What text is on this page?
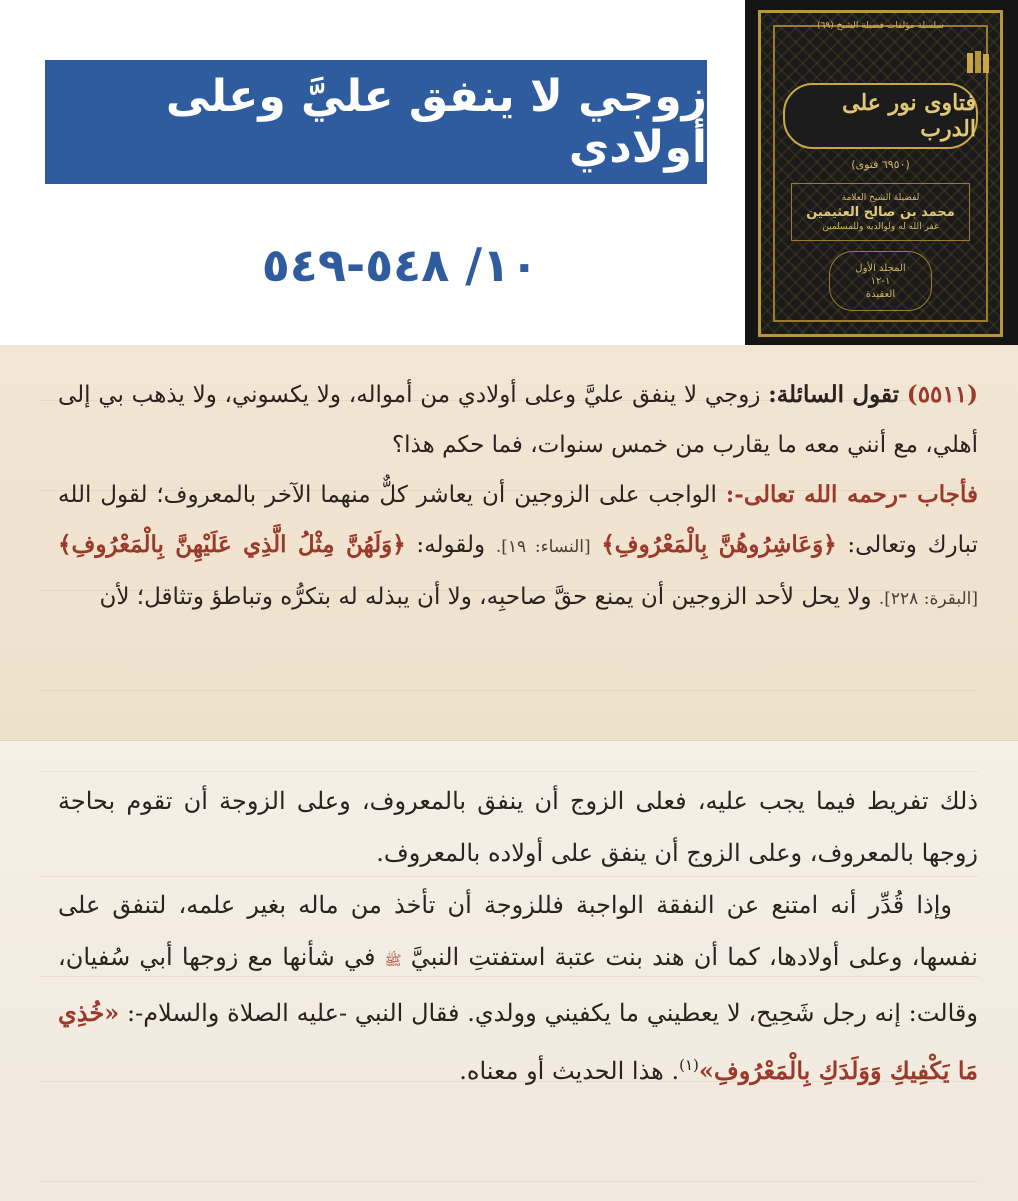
زوجي لا ينفق عليَّ وعلى أولادي
١٠/ ٥٤٨-٥٤٩
سلسلة مؤلفات فضيلة الشيخ (٦٩)
فتاوى نور على الدرب
(٦٩٥٠ فتوى)
لفضيلة الشيخ العلامة
محمد بن صالح العثيمين
غفر الله له ولوالديه وللمسلمين
المجلد الأول
١-١٢
العقيدة
(٥٥١١) تقول السائلة: زوجي لا ينفق عليَّ وعلى أولادي من أمواله، ولا يكسوني، ولا يذهب بي إلى أهلي، مع أنني معه ما يقارب من خمس سنوات، فما حكم هذا؟
فأجاب -رحمه الله تعالى-: الواجب على الزوجين أن يعاشر كلٌّ منهما الآخر بالمعروف؛ لقول الله تبارك وتعالى: ﴿وَعَاشِرُوهُنَّ بِالْمَعْرُوفِ﴾ [النساء: ١٩]. ولقوله: ﴿وَلَهُنَّ مِثْلُ الَّذِي عَلَيْهِنَّ بِالْمَعْرُوفِ﴾ [البقرة: ٢٢٨]. ولا يحل لأحد الزوجين أن يمنع حقَّ صاحبِه، ولا أن يبذله له بتكرُّه وتباطؤ وتثاقل؛ لأن
ذلك تفريط فيما يجب عليه، فعلى الزوج أن ينفق بالمعروف، وعلى الزوجة أن تقوم بحاجة زوجها بالمعروف، وعلى الزوج أن ينفق على أولاده بالمعروف.
وإذا قُدِّر أنه امتنع عن النفقة الواجبة فللزوجة أن تأخذ من ماله بغير علمه، لتنفق على نفسها، وعلى أولادها، كما أن هند بنت عتبة استفتتِ النبيَّ ﷺ في شأنها مع زوجها أبي سُفيان، وقالت: إنه رجل شَحِيح، لا يعطيني ما يكفيني وولدي. فقال النبي -عليه الصلاة والسلام-: «خُذِي مَا يَكْفِيكِ وَوَلَدَكِ بِالْمَعْرُوفِ»$^{(١)}$. هذا الحديث أو معناه.
